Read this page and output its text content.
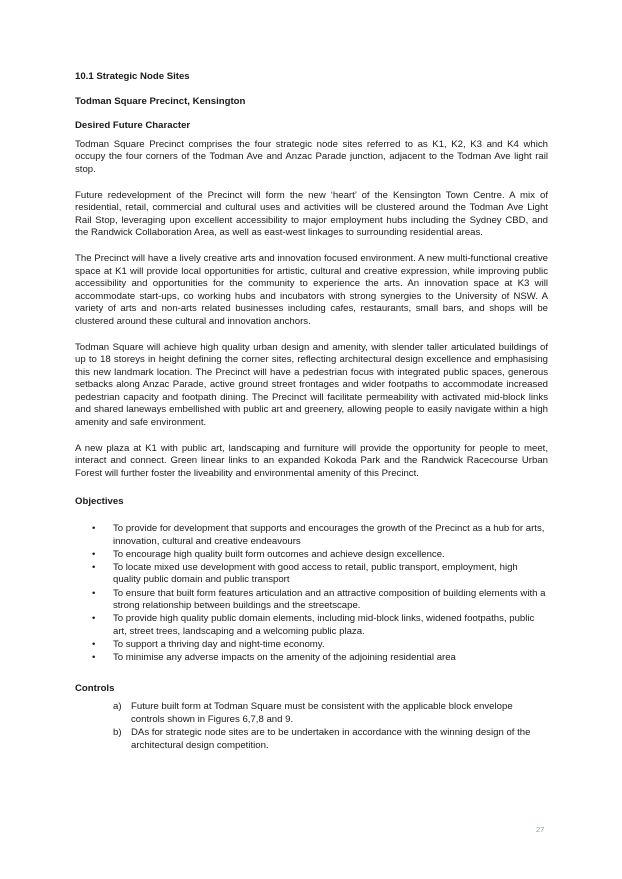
10.1 Strategic Node Sites
Todman Square Precinct, Kensington
Desired Future Character

Todman Square Precinct comprises the four strategic node sites referred to as K1, K2, K3 and K4 which occupy the four corners of the Todman Ave and Anzac Parade junction, adjacent to the Todman Ave light rail stop.

Future redevelopment of the Precinct will form the new ‘heart’ of the Kensington Town Centre. A mix of residential, retail, commercial and cultural uses and activities will be clustered around the Todman Ave Light Rail Stop, leveraging upon excellent accessibility to major employment hubs including the Sydney CBD, and the Randwick Collaboration Area, as well as east-west linkages to surrounding residential areas.

The Precinct will have a lively creative arts and innovation focused environment. A new multi-functional creative space at K1 will provide local opportunities for artistic, cultural and creative expression, while improving public accessibility and opportunities for the community to experience the arts. An innovation space at K3 will accommodate start-ups, co working hubs and incubators with strong synergies to the University of NSW. A variety of arts and non-arts related businesses including cafes, restaurants, small bars, and shops will be clustered around these cultural and innovation anchors.

Todman Square will achieve high quality urban design and amenity, with slender taller articulated buildings of up to 18 storeys in height defining the corner sites, reflecting architectural design excellence and emphasising this new landmark location. The Precinct will have a pedestrian focus with integrated public spaces, generous setbacks along Anzac Parade, active ground street frontages and wider footpaths to accommodate increased pedestrian capacity and footpath dining. The Precinct will facilitate permeability with activated mid-block links and shared laneways embellished with public art and greenery, allowing people to easily navigate within a high amenity and safe environment.

A new plaza at K1 with public art, landscaping and furniture will provide the opportunity for people to meet, interact and connect. Green linear links to an expanded Kokoda Park and the Randwick Racecourse Urban Forest will further foster the liveability and environmental amenity of this Precinct.

Objectives
• To provide for development that supports and encourages the growth of the Precinct as a hub for arts, innovation, cultural and creative endeavours
• To encourage high quality built form outcomes and achieve design excellence.
• To locate mixed use development with good access to retail, public transport, employment, high quality public domain and public transport
• To ensure that built form features articulation and an attractive composition of building elements with a strong relationship between buildings and the streetscape.
• To provide high quality public domain elements, including mid-block links, widened footpaths, public art, street trees, landscaping and a welcoming public plaza.
• To support a thriving day and night-time economy.
• To minimise any adverse impacts on the amenity of the adjoining residential area
Controls
a) Future built form at Todman Square must be consistent with the applicable block envelope controls shown in Figures 6,7,8 and 9.
b) DAs for strategic node sites are to be undertaken in accordance with the winning design of the architectural design competition.
27
